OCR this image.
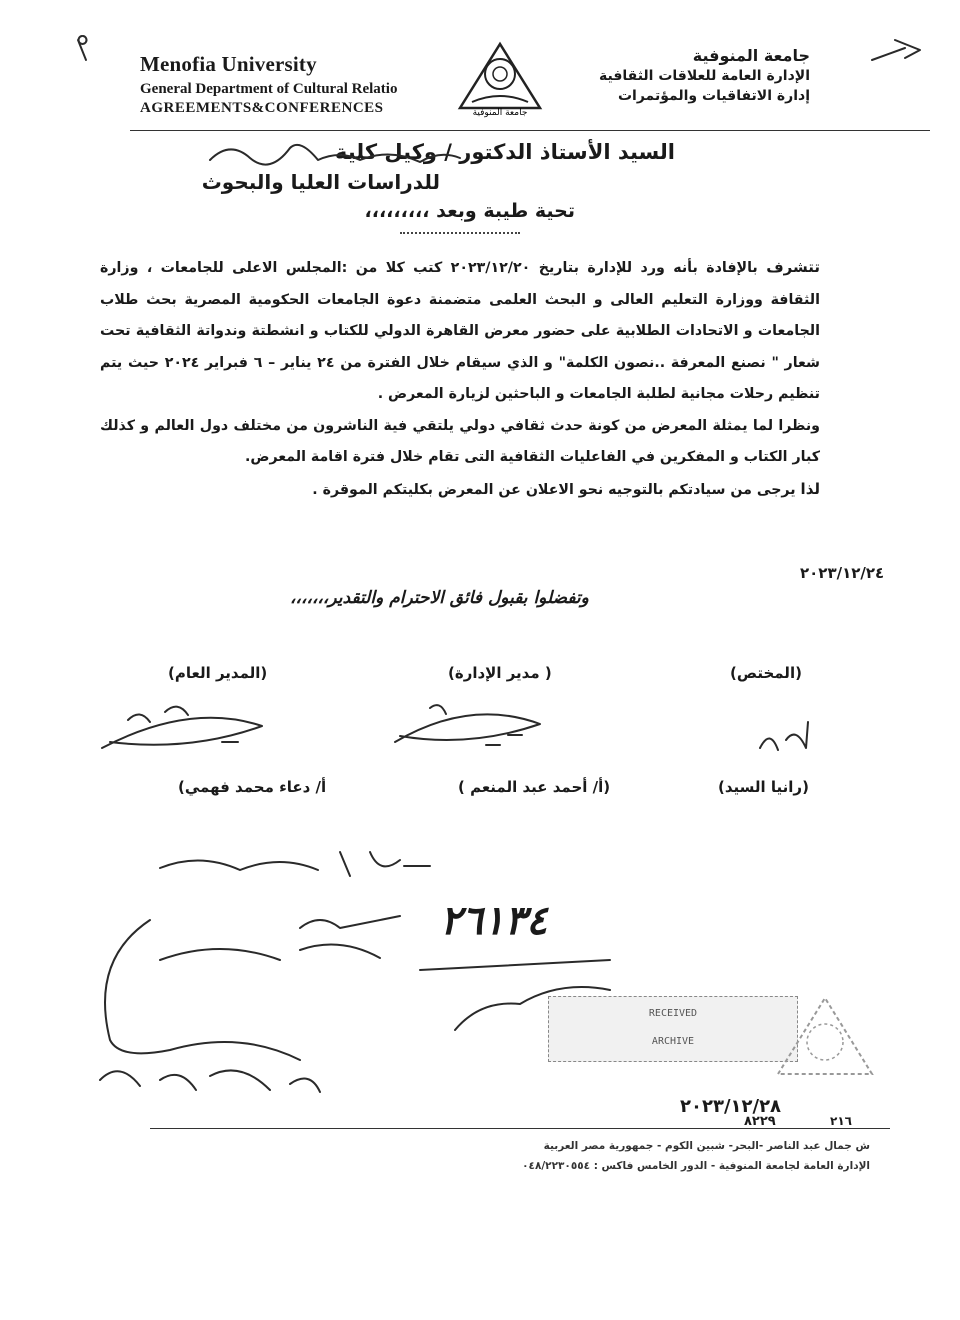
Menofia University
General Department of Cultural Relatio
AGREEMENTS&CONFERENCES	جامعة المنوفية
جامعة المنوفية
الإدارة العامة للعلاقات الثقافية
إدارة الاتفاقيات والمؤتمرات
السيد الأستاذ الدكتور / وكيل كلية
للدراسات العليا والبحوث
تحية طيبة وبعد ،،،،،،،،،

تتشرف بالإفادة بأنه ورد للإدارة بتاريخ ٢٠٢٣/١٢/٢٠ كتب كلا من :المجلس الاعلى للجامعات ، وزارة الثقافة ووزارة التعليم العالى و البحث العلمى متضمنة دعوة الجامعات الحكومية المصرية بحث طلاب الجامعات و الاتحادات الطلابية على حضور معرض القاهرة الدولي للكتاب و انشطتة وندواتة الثقافية تحت شعار " نصنع المعرفة ..نصون الكلمة" و الذي سيقام خلال الفترة من ٢٤ يناير – ٦ فبراير ٢٠٢٤ حيث يتم تنظيم رحلات مجانية لطلبة الجامعات و الباحثين لزيارة المعرض .

ونظرا لما يمثلة المعرض من كونة حدث ثقافي دولي يلتقي فية الناشرون من مختلف دول العالم و كذلك كبار الكتاب و المفكرين في الفاعليات الثقافية التى تقام خلال فترة اقامة المعرض.

لذا يرجى من سيادتكم بالتوجيه نحو الاعلان عن المعرض بكليتكم الموقرة .

٢٠٢٣/١٢/٢٤
وتفضلوا بقبول فائق الاحترام والتقدير،،،،،،،
(المختص)
( مدير الإدارة)
(المدير العام)
(رانيا السيد)
(أ/ أحمد عبد المنعم )
أ/ دعاء محمد فهمي)
RECEIVED
ARCHIVE
٢٦١٣٤
٢٠٢٣/١٢/٢٨
٨٢٢٩	٢١٦
ش جمال عبد الناصر -البحر- شبين الكوم - جمهورية مصر العربية
الإدارة العامة لجامعة المنوفية - الدور الخامس فاكس : ٠٤٨/٢٢٣٠٥٥٤
